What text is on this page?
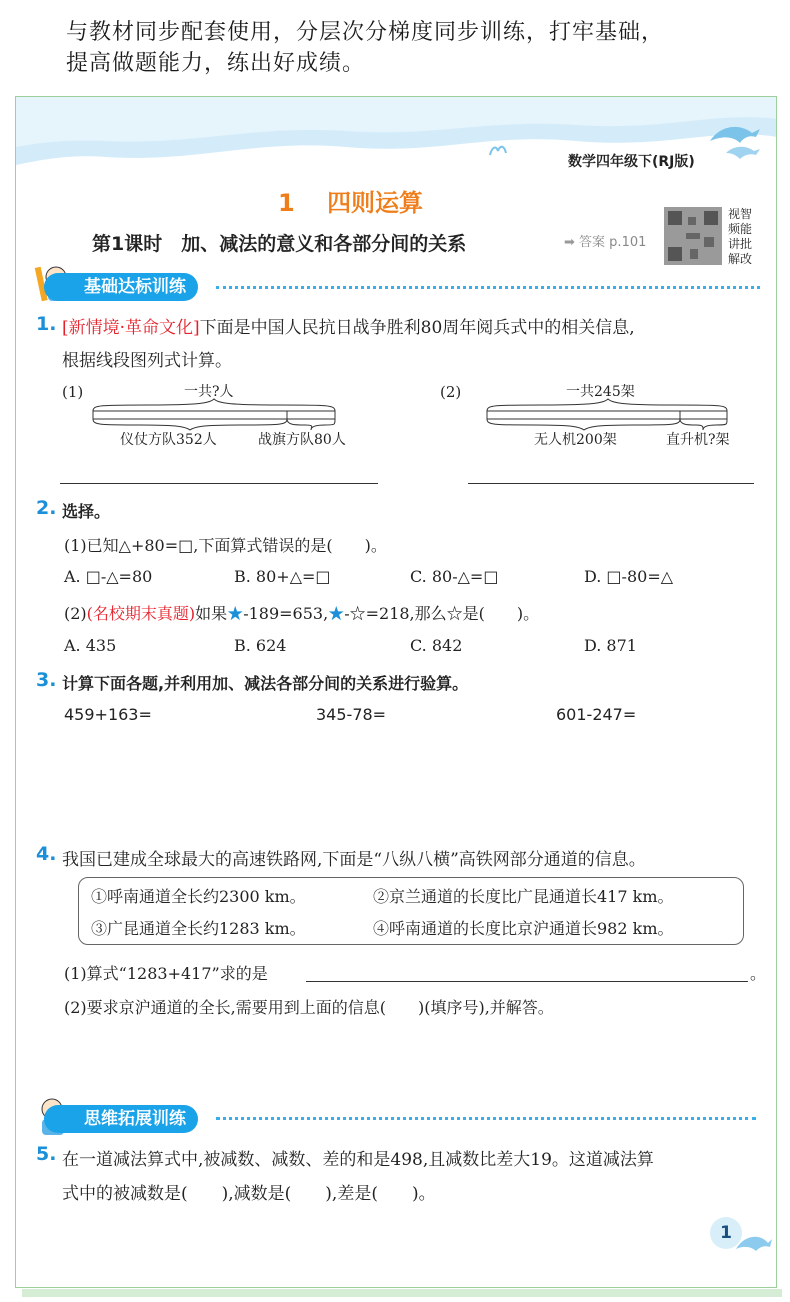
与教材同步配套使用，分层次分梯度同步训练，打牢基础，
提高做题能力，练出好成绩。
数学四年级下(RJ版)
1 四则运算
第1课时　加、减法的意义和各部分间的关系	➡ 答案 p.101
视智
频能
讲批
解改
基础达标训练
1. [新情境·革命文化]下面是中国人民抗日战争胜利80周年阅兵式中的相关信息,
根据线段图列式计算。
(1)	一共?人
仪仗方队352人	战旗方队80人
(2)	一共245架
无人机200架	直升机?架
2. 选择。
(1)已知△+80=□,下面算式错误的是(　　)。
A. □-△=80	B. 80+△=□	C. 80-△=□	D. □-80=△
(2)(名校期末真题)如果★-189=653,★-☆=218,那么☆是(　　)。
A. 435	B. 624	C. 842	D. 871
3. 计算下面各题,并利用加、减法各部分间的关系进行验算。
459+163=	345-78=	601-247=
4. 我国已建成全球最大的高速铁路网,下面是“八纵八横”高铁网部分通道的信息。
①呼南通道全长约2300 km。	②京兰通道的长度比广昆通道长417 km。
③广昆通道全长约1283 km。	④呼南通道的长度比京沪通道长982 km。
(1)算式“1283+417”求的是	。
(2)要求京沪通道的全长,需要用到上面的信息(　　)(填序号),并解答。
思维拓展训练
5. 在一道减法算式中,被减数、减数、差的和是498,且减数比差大19。这道减法算
式中的被减数是(　　),减数是(　　),差是(　　)。
1
